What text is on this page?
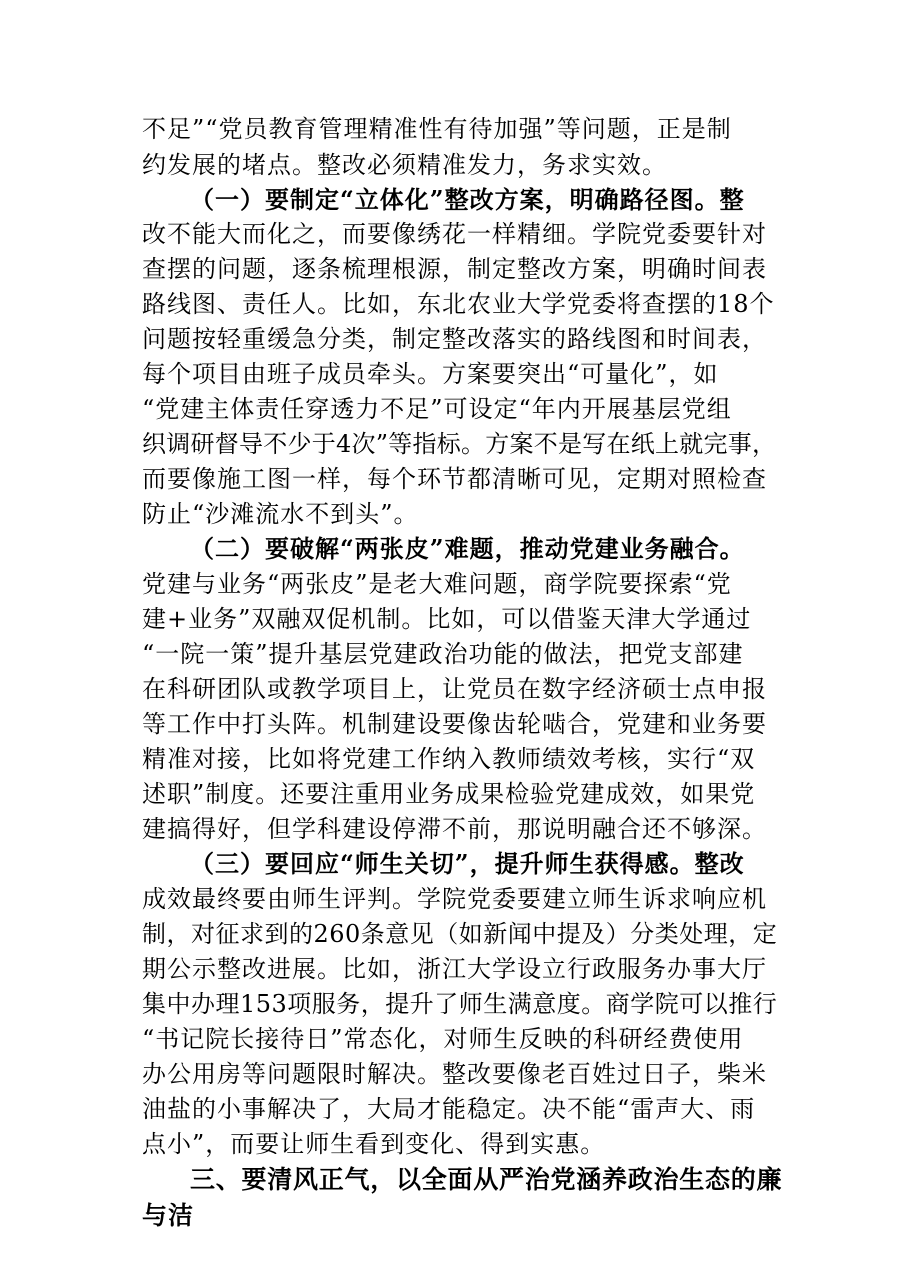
不足”“党员教育管理精准性有待加强”等问题，正是制
约发展的堵点。整改必须精准发力，务求实效。
（一）要制定“立体化”整改方案，明确路径图。整
改不能大而化之，而要像绣花一样精细。学院党委要针对
查摆的问题，逐条梳理根源，制定整改方案，明确时间表
路线图、责任人。比如，东北农业大学党委将查摆的18个
问题按轻重缓急分类，制定整改落实的路线图和时间表，
每个项目由班子成员牵头。方案要突出“可量化”，如
“党建主体责任穿透力不足”可设定“年内开展基层党组
织调研督导不少于4次”等指标。方案不是写在纸上就完事，
而要像施工图一样，每个环节都清晰可见，定期对照检查
防止“沙滩流水不到头”。
（二）要破解“两张皮”难题，推动党建业务融合。
党建与业务“两张皮”是老大难问题，商学院要探索“党
建+业务”双融双促机制。比如，可以借鉴天津大学通过
“一院一策”提升基层党建政治功能的做法，把党支部建
在科研团队或教学项目上，让党员在数字经济硕士点申报
等工作中打头阵。机制建设要像齿轮啮合，党建和业务要
精准对接，比如将党建工作纳入教师绩效考核，实行“双
述职”制度。还要注重用业务成果检验党建成效，如果党
建搞得好，但学科建设停滞不前，那说明融合还不够深。
（三）要回应“师生关切”，提升师生获得感。整改
成效最终要由师生评判。学院党委要建立师生诉求响应机
制，对征求到的260条意见（如新闻中提及）分类处理，定
期公示整改进展。比如，浙江大学设立行政服务办事大厅
集中办理153项服务，提升了师生满意度。商学院可以推行
“书记院长接待日”常态化，对师生反映的科研经费使用
办公用房等问题限时解决。整改要像老百姓过日子，柴米
油盐的小事解决了，大局才能稳定。决不能“雷声大、雨
点小”，而要让师生看到变化、得到实惠。
三、要清风正气，以全面从严治党涵养政治生态的廉
与洁
